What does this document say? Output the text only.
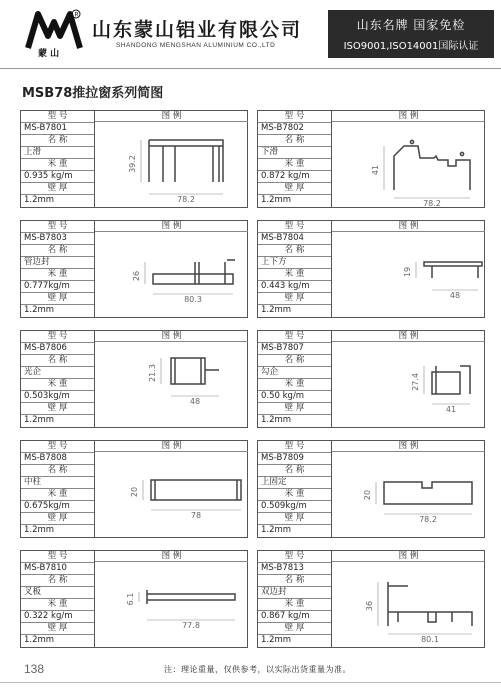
R
蒙 山
山东蒙山铝业有限公司
SHANDONG MENGSHAN ALUMINIUM CO.,LTD
山东名牌 国家免检
ISO9001,ISO14001国际认证
MSB78推拉窗系列简图
型 号
MS-B7801
名 称
上滑
米 重
0.935 kg/m
壁 厚
1.2mm
图 例
78.2
39.2
型 号
MS-B7802
名 称
下滑
米 重
0.872 kg/m
壁 厚
1.2mm
图 例
78.2
41
型 号
MS-B7803
名 称
管边封
米 重
0.777kg/m
壁 厚
1.2mm
图 例
80.3
26
型 号
MS-B7804
名 称
上下方
米 重
0.443 kg/m
壁 厚
1.2mm
图 例
48
19
型 号
MS-B7806
名 称
光企
米 重
0.503kg/m
壁 厚
1.2mm
图 例
48
21.3
型 号
MS-B7807
名 称
勾企
米 重
0.50 kg/m
壁 厚
1.2mm
图 例
41
27.4
型 号
MS-B7808
名 称
中柱
米 重
0.675kg/m
壁 厚
1.2mm
图 例
78
20
型 号
MS-B7809
名 称
上固定
米 重
0.509kg/m
壁 厚
1.2mm
图 例
78.2
20
型 号
MS-B7810
名 称
叉板
米 重
0.322 kg/m
壁 厚
1.2mm
图 例
77.8
6.1
型 号
MS-B7813
名 称
双边封
米 重
0.867 kg/m
壁 厚
1.2mm
图 例
80.1
36
138	注：理论重量，仅供参考，以实际出货重量为准。
